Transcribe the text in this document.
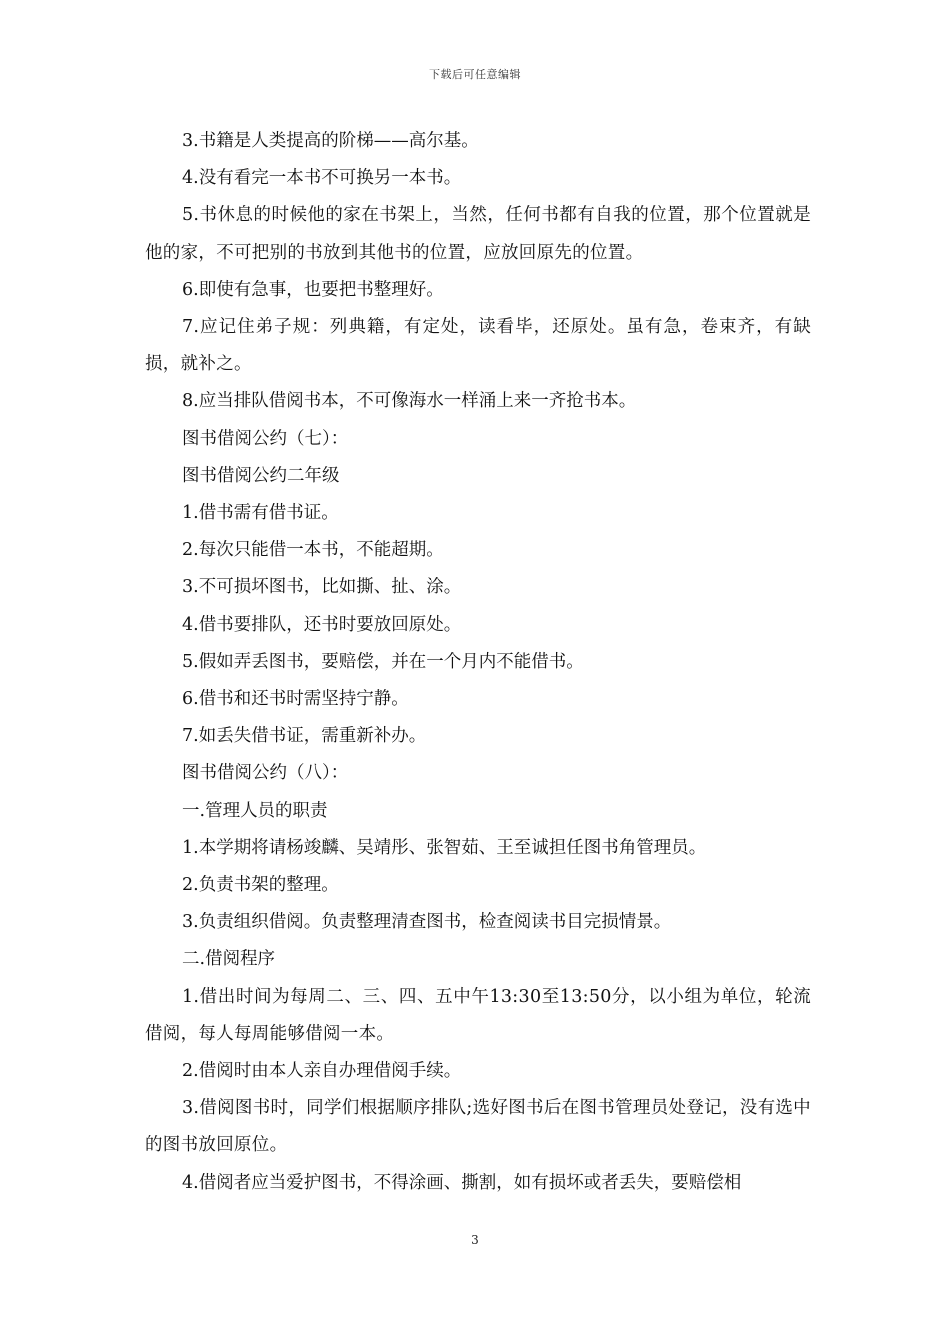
下载后可任意编辑

3.书籍是人类提高的阶梯——高尔基。

4.没有看完一本书不可换另一本书。

5.书休息的时候他的家在书架上，当然，任何书都有自我的位置，那个位置就是他的家，不可把别的书放到其他书的位置，应放回原先的位置。

6.即使有急事，也要把书整理好。

7.应记住弟子规：列典籍，有定处，读看毕，还原处。虽有急，卷束齐，有缺损，就补之。

8.应当排队借阅书本，不可像海水一样涌上来一齐抢书本。

图书借阅公约（七）：

图书借阅公约二年级

1.借书需有借书证。

2.每次只能借一本书，不能超期。

3.不可损坏图书，比如撕、扯、涂。

4.借书要排队，还书时要放回原处。

5.假如弄丢图书，要赔偿，并在一个月内不能借书。

6.借书和还书时需坚持宁静。

7.如丢失借书证，需重新补办。

图书借阅公约（八）：

一.管理人员的职责

1.本学期将请杨竣麟、吴靖彤、张智茹、王至诚担任图书角管理员。

2.负责书架的整理。

3.负责组织借阅。负责整理清查图书，检查阅读书目完损情景。

二.借阅程序

1.借出时间为每周二、三、四、五中午13:30至13:50分，以小组为单位，轮流借阅，每人每周能够借阅一本。

2.借阅时由本人亲自办理借阅手续。

3.借阅图书时，同学们根据顺序排队;选好图书后在图书管理员处登记，没有选中的图书放回原位。

4.借阅者应当爱护图书，不得涂画、撕割，如有损坏或者丢失，要赔偿相

3
